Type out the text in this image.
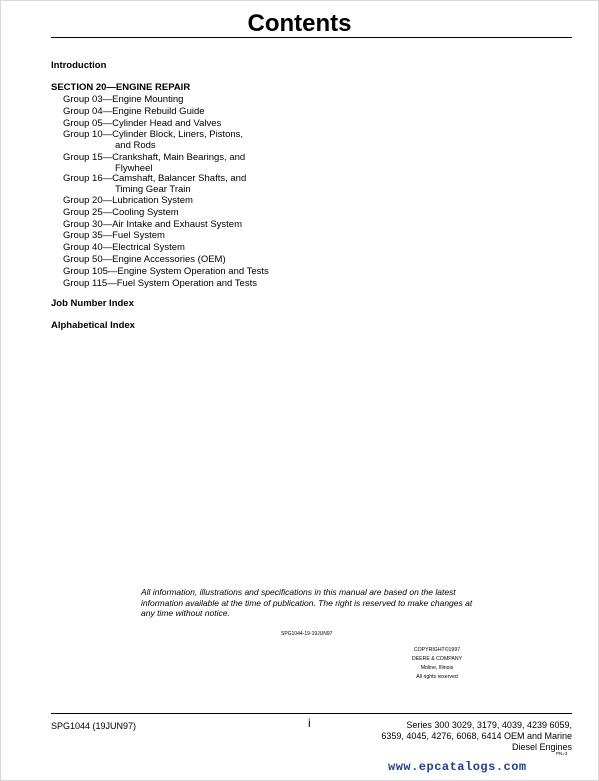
Contents
Introduction
SECTION 20—ENGINE REPAIR
Group 03—Engine Mounting
Group 04—Engine Rebuild Guide
Group 05—Cylinder Head and Valves
Group 10—Cylinder Block, Liners, Pistons,
and Rods
Group 15—Crankshaft, Main Bearings, and
Flywheel
Group 16—Camshaft, Balancer Shafts, and
Timing Gear Train
Group 20—Lubrication System
Group 25—Cooling System
Group 30—Air Intake and Exhaust System
Group 35—Fuel System
Group 40—Electrical System
Group 50—Engine Accessories (OEM)
Group 105—Engine System Operation and Tests
Group 115—Fuel System Operation and Tests
Job Number Index
Alphabetical Index
All information, illustrations and specifications in this manual are based on the latest information available at the time of publication. The right is reserved to make changes at any time without notice.
SPG1044-19-19JUN97
COPYRIGHT©1997
DEERE & COMPANY
Moline, Illinois
All rights reserved
SPG1044 (19JUN97)	i	Series 300 3029, 3179, 4039, 4239 6059,
6359, 4045, 4276, 6068, 6414 OEM and Marine
Diesel Engines
PN=3
www.epcatalogs.com
